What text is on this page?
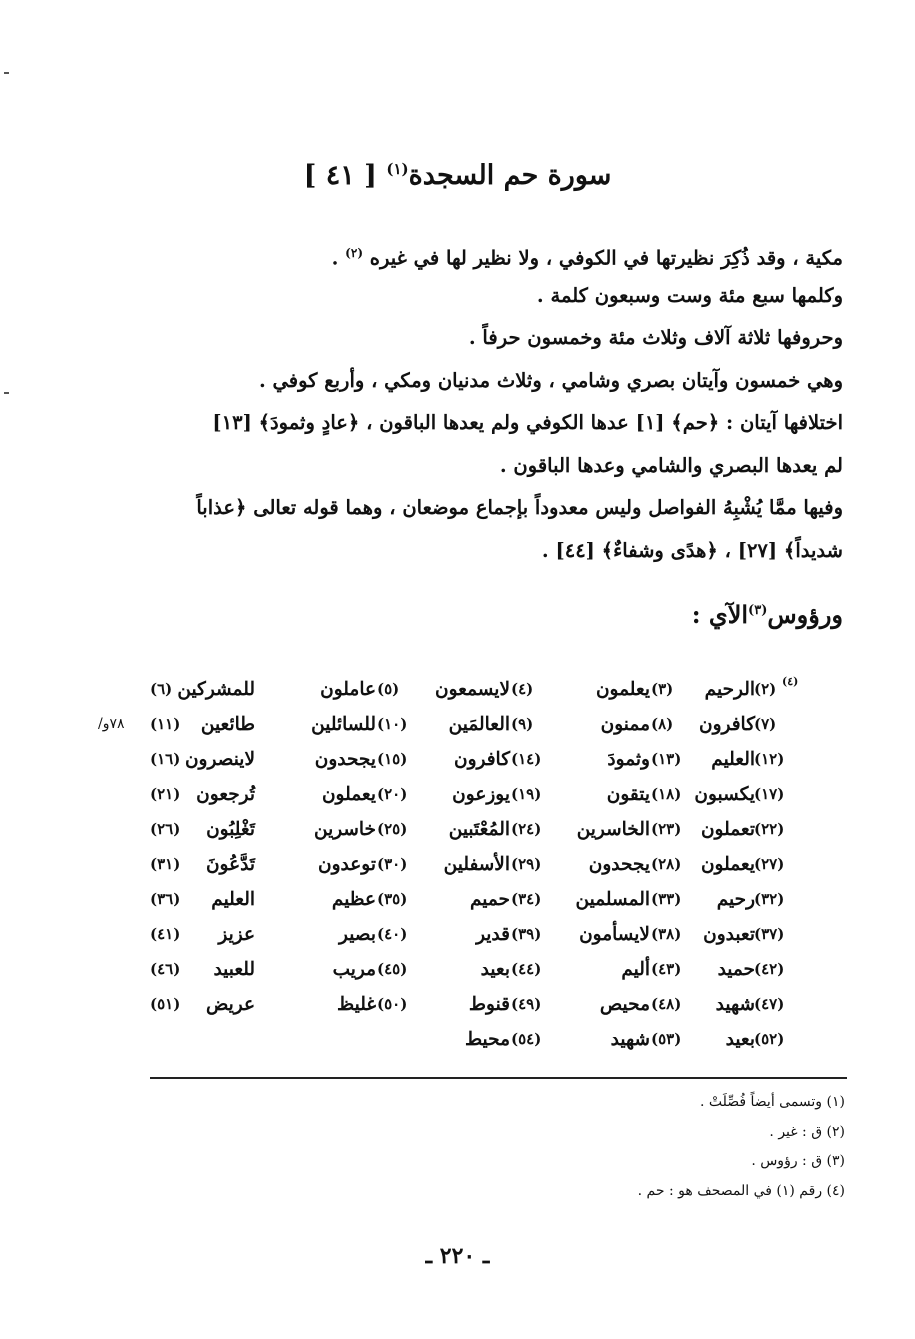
سورة حم السجدة$^{(١)}$ [ ٤١ ]

مكية ، وقد ذُكِرَ نظيرتها في الكوفي ، ولا نظير لها في غيره $^{(٢)}$ .

وكلمها سبع مئة وست وسبعون كلمة .

وحروفها ثلاثة آلاف وثلاث مئة وخمسون حرفاً .

وهي خمسون وآيتان بصري وشامي ، وثلاث مدنيان ومكي ، وأربع كوفي .

اختلافها آيتان : ﴿حم﴾ [١] عدها الكوفي ولم يعدها الباقون ، ﴿عادٍ وثمودَ﴾ [١٣]

لم يعدها البصري والشامي وعدها الباقون .

وفيها ممَّا يُشْبِهُ الفواصل وليس معدوداً بإجماع موضعان ، وهما قوله تعالى ﴿عذاباً

شديداً﴾ [٢٧] ، ﴿هدًى وشفاءٌ﴾ [٤٤] .

ورؤوس$^{(٣)}$الآي :
الرحيم (٢) (٤)
يعلمون (٣)
لايسمعون (٤)
عاملون (٥)
للمشركين
(٦)
كافرون (٧)
ممنون (٨)
العالمَين (٩)
للسائلين (١٠)
طائعين
(١١)
/٧٨و
العليم (١٢)
وثمودَ (١٣)
كافرون (١٤)
يجحدون (١٥)
لاينصرون
(١٦)
يكسبون (١٧)
يتقون (١٨)
يوزعون (١٩)
يعملون (٢٠)
تُرجعون
(٢١)
تعملون (٢٢)
الخاسرين (٢٣)
المُعْتَبين (٢٤)
خاسرين (٢٥)
تَغْلِبُون
(٢٦)
يعملون (٢٧)
يجحدون (٢٨)
الأسفلين (٢٩)
توعدون (٣٠)
تَدَّعُونَ
(٣١)
رحيم (٣٢)
المسلمين (٣٣)
حميم (٣٤)
عظيم (٣٥)
العليم
(٣٦)
تعبدون (٣٧)
لايسأمون (٣٨)
قدير (٣٩)
بصير (٤٠)
عزيز
(٤١)
حميد (٤٢)
أليم (٤٣)
بعيد (٤٤)
مريب (٤٥)
للعبيد
(٤٦)
شهيد (٤٧)
محيص (٤٨)
قنوط (٤٩)
غليظ (٥٠)
عريض
(٥١)
بعيد (٥٢)
شهيد (٥٣)
محيط (٥٤)

(١) وتسمى أيضاً فُصِّلَتْ .

(٢) ق : غير .

(٣) ق : رؤوس .

(٤) رقم (١) في المصحف هو : حم .

ـ ٢٢٠ ـ
